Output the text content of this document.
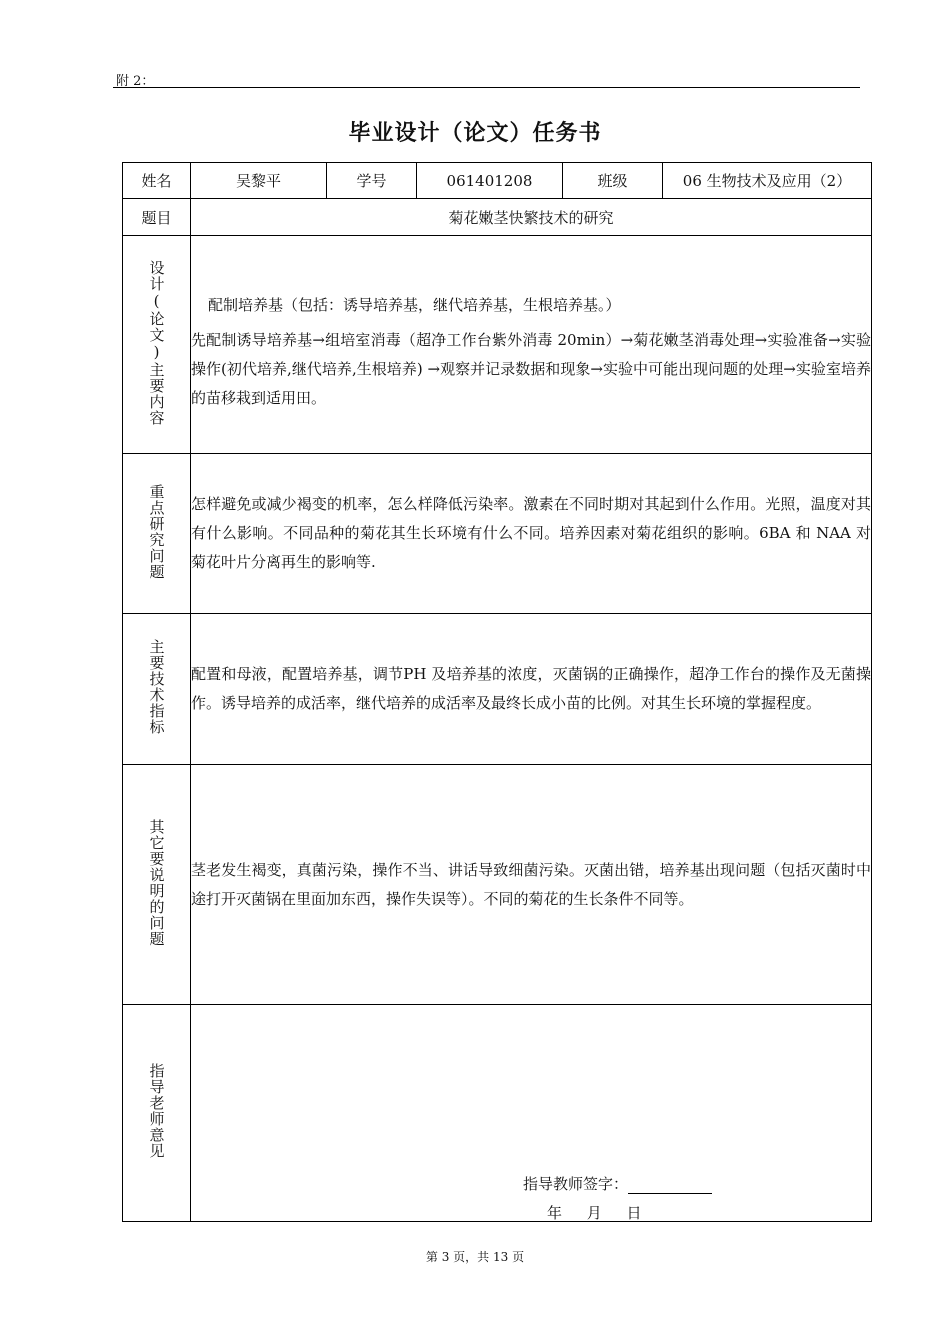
附 2：
毕业设计（论文）任务书
姓名	吴黎平	学号	061401208	班级	06 生物技术及应用（2）
题目	菊花嫩茎快繁技术的研究				
设计(论文)主要内容	配制培养基（包括：诱导培养基，继代培养基，生根培养基。）

先配制诱导培养基→组培室消毒（超净工作台紫外消毒 20min）→菊花嫩茎消毒处理→实验准备→实验操作(初代培养,继代培养,生根培养) →观察并记录数据和现象→实验中可能出现问题的处理→实验室培养的苗移栽到适用田。				

重点研究问题	怎样避免或减少褐变的机率，怎么样降低污染率。激素在不同时期对其起到什么作用。光照，温度对其有什么影响。不同品种的菊花其生长环境有什么不同。培养因素对菊花组织的影响。6BA 和 NAA 对菊花叶片分离再生的影响等.				

主要技术指标	配置和母液，配置培养基，调节PH 及培养基的浓度，灭菌锅的正确操作，超净工作台的操作及无菌操作。诱导培养的成活率，继代培养的成活率及最终长成小苗的比例。对其生长环境的掌握程度。				

其它要说明的问题	茎老发生褐变，真菌污染，操作不当、讲话导致细菌污染。灭菌出错，培养基出现问题（包括灭菌时中途打开灭菌锅在里面加东西，操作失误等）。不同的菊花的生长条件不同等。				

指导老师意见	指导教师签字：
年 月 日				
第 3 页，共 13 页
